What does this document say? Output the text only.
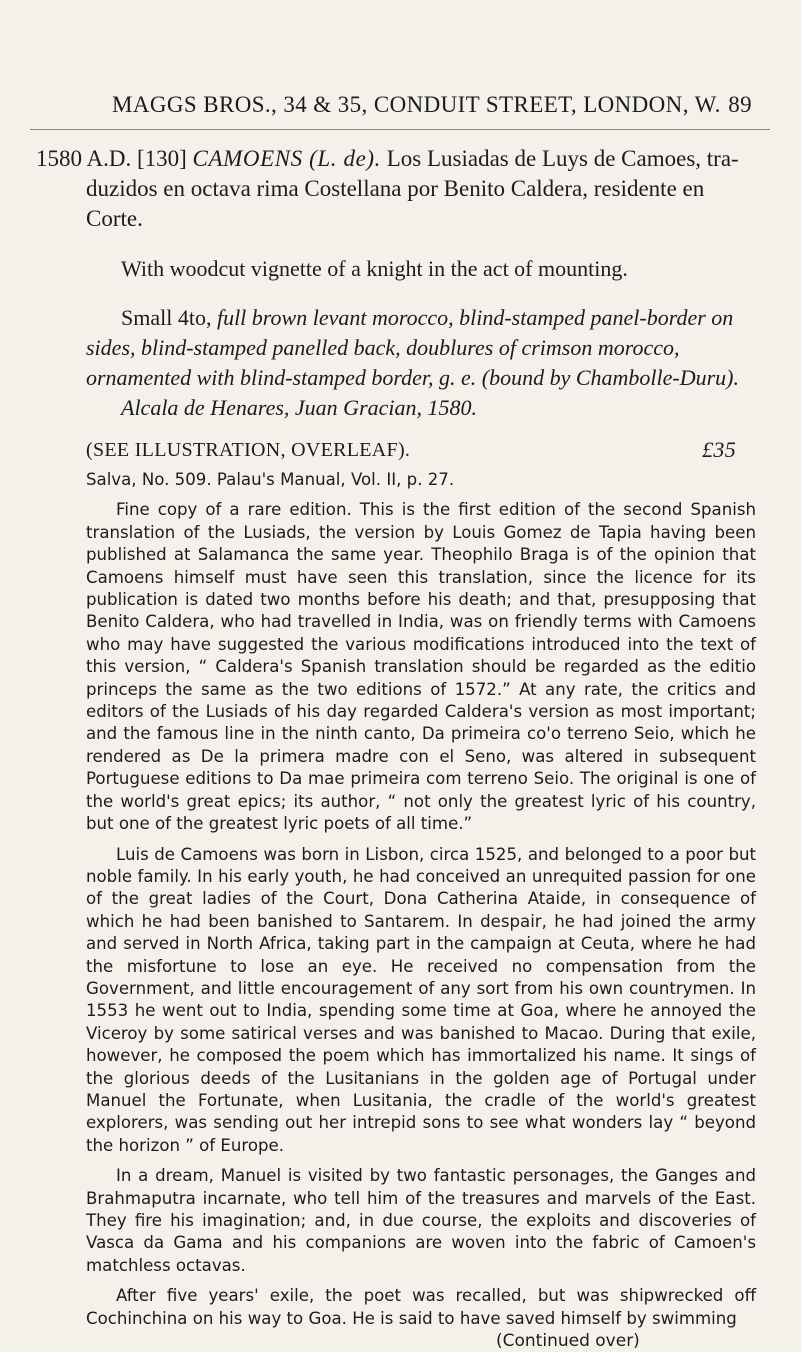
MAGGS BROS., 34 & 35, CONDUIT STREET, LONDON, W. 89
1580 A.D. [130] CAMOENS (L. de). Los Lusiadas de Luys de Camoes, tra-
duzidos en octava rima Costellana por Benito Caldera, residente en Corte.

With woodcut vignette of a knight in the act of mounting.

Small 4to, full brown levant morocco, blind-stamped panel-border on sides, blind-stamped panelled back, doublures of crimson morocco, ornamented with blind-stamped border, g. e. (bound by Chambolle-Duru).
Alcala de Henares, Juan Gracian, 1580.
(SEE ILLUSTRATION, OVERLEAF).	£35

Salva, No. 509. Palau's Manual, Vol. II, p. 27.

Fine copy of a rare edition. This is the first edition of the second Spanish translation of the Lusiads, the version by Louis Gomez de Tapia having been published at Salamanca the same year. Theophilo Braga is of the opinion that Camoens himself must have seen this translation, since the licence for its publication is dated two months before his death; and that, presupposing that Benito Caldera, who had travelled in India, was on friendly terms with Camoens who may have suggested the various modifications introduced into the text of this version, “ Caldera's Spanish translation should be regarded as the editio princeps the same as the two editions of 1572.” At any rate, the critics and editors of the Lusiads of his day regarded Caldera's version as most important; and the famous line in the ninth canto, Da primeira co'o terreno Seio, which he rendered as De la primera madre con el Seno, was altered in subsequent Portuguese editions to Da mae primeira com terreno Seio. The original is one of the world's great epics; its author, “ not only the greatest lyric of his country, but one of the greatest lyric poets of all time.”

Luis de Camoens was born in Lisbon, circa 1525, and belonged to a poor but noble family. In his early youth, he had conceived an unrequited passion for one of the great ladies of the Court, Dona Catherina Ataide, in consequence of which he had been banished to Santarem. In despair, he had joined the army and served in North Africa, taking part in the campaign at Ceuta, where he had the misfortune to lose an eye. He received no compensation from the Government, and little encouragement of any sort from his own countrymen. In 1553 he went out to India, spending some time at Goa, where he annoyed the Viceroy by some satirical verses and was banished to Macao. During that exile, however, he composed the poem which has immortalized his name. It sings of the glorious deeds of the Lusitanians in the golden age of Portugal under Manuel the Fortunate, when Lusitania, the cradle of the world's greatest explorers, was sending out her intrepid sons to see what wonders lay “ beyond the horizon ” of Europe.

In a dream, Manuel is visited by two fantastic personages, the Ganges and Brahmaputra incarnate, who tell him of the treasures and marvels of the East. They fire his imagination; and, in due course, the exploits and discoveries of Vasca da Gama and his companions are woven into the fabric of Camoen's matchless octavas.

After five years' exile, the poet was recalled, but was shipwrecked off Cochinchina on his way to Goa. He is said to have saved himself by swimming

(Continued over)
